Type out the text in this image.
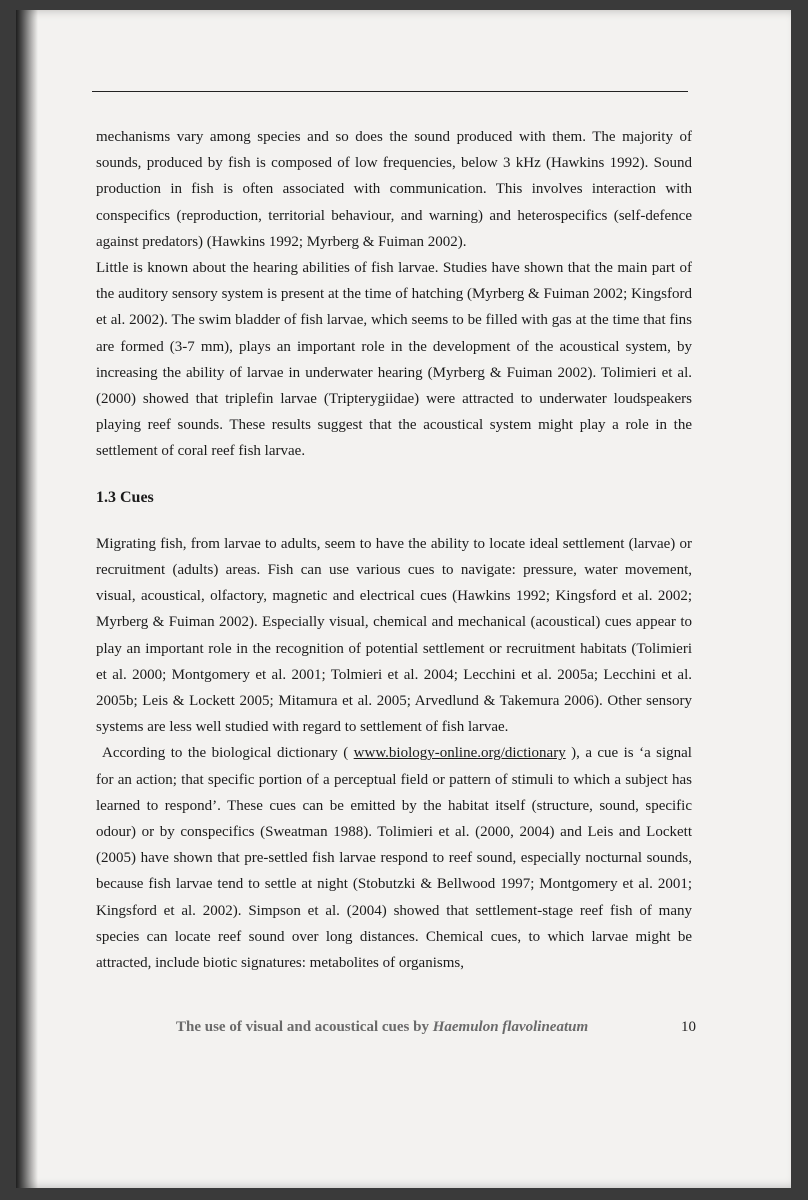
mechanisms vary among species and so does the sound produced with them. The majority of sounds, produced by fish is composed of low frequencies, below 3 kHz (Hawkins 1992). Sound production in fish is often associated with communication. This involves interaction with conspecifics (reproduction, territorial behaviour, and warning) and heterospecifics (self-defence against predators) (Hawkins 1992; Myrberg & Fuiman 2002).

Little is known about the hearing abilities of fish larvae. Studies have shown that the main part of the auditory sensory system is present at the time of hatching (Myrberg & Fuiman 2002; Kingsford et al. 2002). The swim bladder of fish larvae, which seems to be filled with gas at the time that fins are formed (3-7 mm), plays an important role in the development of the acoustical system, by increasing the ability of larvae in underwater hearing (Myrberg & Fuiman 2002). Tolimieri et al. (2000) showed that triplefin larvae (Tripterygiidae) were attracted to underwater loudspeakers playing reef sounds. These results suggest that the acoustical system might play a role in the settlement of coral reef fish larvae.

1.3 Cues

Migrating fish, from larvae to adults, seem to have the ability to locate ideal settlement (larvae) or recruitment (adults) areas. Fish can use various cues to navigate: pressure, water movement, visual, acoustical, olfactory, magnetic and electrical cues (Hawkins 1992; Kingsford et al. 2002; Myrberg & Fuiman 2002). Especially visual, chemical and mechanical (acoustical) cues appear to play an important role in the recognition of potential settlement or recruitment habitats (Tolimieri et al. 2000; Montgomery et al. 2001; Tolmieri et al. 2004; Lecchini et al. 2005a; Lecchini et al. 2005b; Leis & Lockett 2005; Mitamura et al. 2005; Arvedlund & Takemura 2006). Other sensory systems are less well studied with regard to settlement of fish larvae.

According to the biological dictionary ( www.biology-online.org/dictionary ), a cue is ‘a signal for an action; that specific portion of a perceptual field or pattern of stimuli to which a subject has learned to respond’. These cues can be emitted by the habitat itself (structure, sound, specific odour) or by conspecifics (Sweatman 1988). Tolimieri et al. (2000, 2004) and Leis and Lockett (2005) have shown that pre-settled fish larvae respond to reef sound, especially nocturnal sounds, because fish larvae tend to settle at night (Stobutzki & Bellwood 1997; Montgomery et al. 2001; Kingsford et al. 2002). Simpson et al. (2004) showed that settlement-stage reef fish of many species can locate reef sound over long distances. Chemical cues, to which larvae might be attracted, include biotic signatures: metabolites of organisms,

The use of visual and acoustical cues by Haemulon flavolineatum	10
